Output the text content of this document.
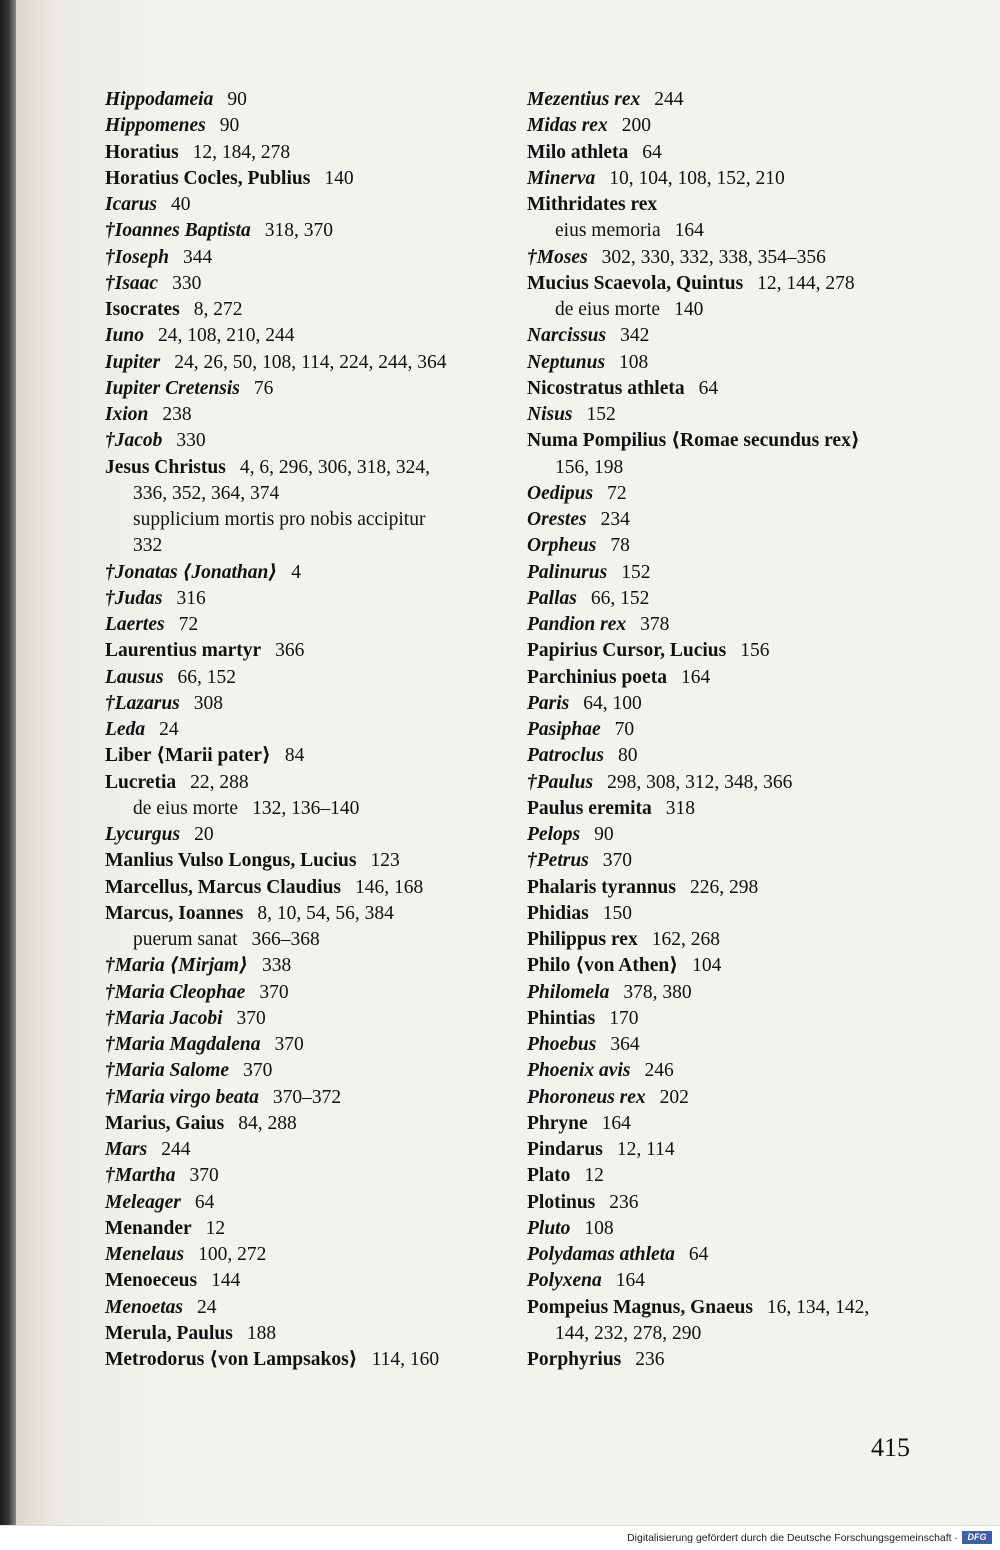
Hippodameia 90
Hippomenes 90
Horatius 12, 184, 278
Horatius Cocles, Publius 140
Icarus 40
†Ioannes Baptista 318, 370
†Ioseph 344
†Isaac 330
Isocrates 8, 272
Iuno 24, 108, 210, 244
Iupiter 24, 26, 50, 108, 114, 224, 244, 364
Iupiter Cretensis 76
Ixion 238
†Jacob 330
Jesus Christus 4, 6, 296, 306, 318, 324,
336, 352, 364, 374
supplicium mortis pro nobis accipitur
332
†Jonatas ⟨Jonathan⟩ 4
†Judas 316
Laertes 72
Laurentius martyr 366
Lausus 66, 152
†Lazarus 308
Leda 24
Liber ⟨Marii pater⟩ 84
Lucretia 22, 288
de eius morte 132, 136–140
Lycurgus 20
Manlius Vulso Longus, Lucius 123
Marcellus, Marcus Claudius 146, 168
Marcus, Ioannes 8, 10, 54, 56, 384
puerum sanat 366–368
†Maria ⟨Mirjam⟩ 338
†Maria Cleophae 370
†Maria Jacobi 370
†Maria Magdalena 370
†Maria Salome 370
†Maria virgo beata 370–372
Marius, Gaius 84, 288
Mars 244
†Martha 370
Meleager 64
Menander 12
Menelaus 100, 272
Menoeceus 144
Menoetas 24
Merula, Paulus 188
Metrodorus ⟨von Lampsakos⟩ 114, 160
Mezentius rex 244
Midas rex 200
Milo athleta 64
Minerva 10, 104, 108, 152, 210
Mithridates rex
eius memoria 164
†Moses 302, 330, 332, 338, 354–356
Mucius Scaevola, Quintus 12, 144, 278
de eius morte 140
Narcissus 342
Neptunus 108
Nicostratus athleta 64
Nisus 152
Numa Pompilius ⟨Romae secundus rex⟩
156, 198
Oedipus 72
Orestes 234
Orpheus 78
Palinurus 152
Pallas 66, 152
Pandion rex 378
Papirius Cursor, Lucius 156
Parchinius poeta 164
Paris 64, 100
Pasiphae 70
Patroclus 80
†Paulus 298, 308, 312, 348, 366
Paulus eremita 318
Pelops 90
†Petrus 370
Phalaris tyrannus 226, 298
Phidias 150
Philippus rex 162, 268
Philo ⟨von Athen⟩ 104
Philomela 378, 380
Phintias 170
Phoebus 364
Phoenix avis 246
Phoroneus rex 202
Phryne 164
Pindarus 12, 114
Plato 12
Plotinus 236
Pluto 108
Polydamas athleta 64
Polyxena 164
Pompeius Magnus, Gnaeus 16, 134, 142,
144, 232, 278, 290
Porphyrius 236
415
Digitalisierung gefördert durch die Deutsche Forschungsgemeinschaft ·	DFG
